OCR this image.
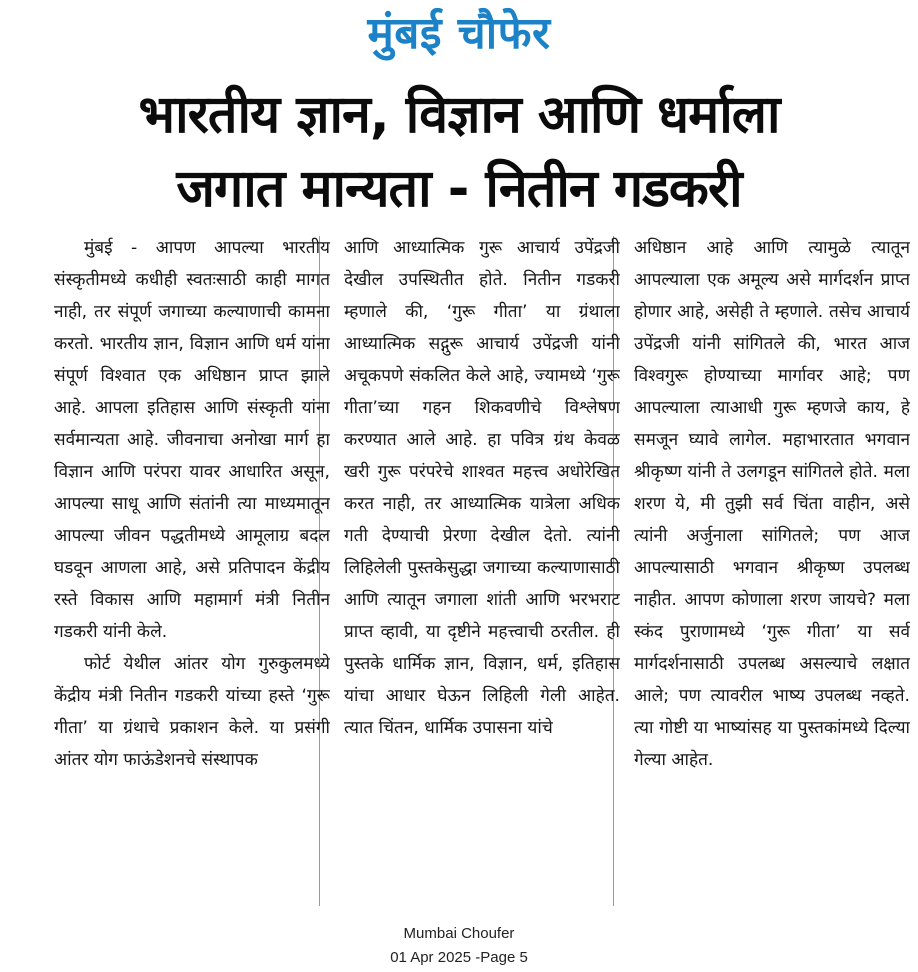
मुंबई चौफेर
भारतीय ज्ञान, विज्ञान आणि धर्माला
जगात मान्यता - नितीन गडकरी

मुंबई - आपण आपल्या भारतीय संस्कृतीमध्ये कधीही स्वतःसाठी काही मागत नाही, तर संपूर्ण जगाच्या कल्याणाची कामना करतो. भारतीय ज्ञान, विज्ञान आणि धर्म यांना संपूर्ण विश्वात एक अधिष्ठान प्राप्त झाले आहे. आपला इतिहास आणि संस्कृती यांना सर्वमान्यता आहे. जीवनाचा अनोखा मार्ग हा विज्ञान आणि परंपरा यावर आधारित असून, आपल्या साधू आणि संतांनी त्या माध्यमातून आपल्या जीवन पद्धतीमध्ये आमूलाग्र बदल घडवून आणला आहे, असे प्रतिपादन केंद्रीय रस्ते विकास आणि महामार्ग मंत्री नितीन गडकरी यांनी केले.

फोर्ट येथील आंतर योग गुरुकुलमध्ये केंद्रीय मंत्री नितीन गडकरी यांच्या हस्ते ‘गुरू गीता’ या ग्रंथाचे प्रकाशन केले. या प्रसंगी आंतर योग फाऊंडेशनचे संस्थापक

आणि आध्यात्मिक गुरू आचार्य उपेंद्रजी देखील उपस्थितीत होते. नितीन गडकरी म्हणाले की, ‘गुरू गीता’ या ग्रंथाला आध्यात्मिक सद्गुरू आचार्य उपेंद्रजी यांनी अचूकपणे संकलित केले आहे, ज्यामध्ये ‘गुरू गीता’च्या गहन शिकवणीचे विश्लेषण करण्यात आले आहे. हा पवित्र ग्रंथ केवळ खरी गुरू परंपरेचे शाश्वत महत्त्व अधोरेखित करत नाही, तर आध्यात्मिक यात्रेला अधिक गती देण्याची प्रेरणा देखील देतो. त्यांनी लिहिलेली पुस्तकेसुद्धा जगाच्या कल्याणासाठी आणि त्यातून जगाला शांती आणि भरभराट प्राप्त व्हावी, या दृष्टीने महत्त्वाची ठरतील. ही पुस्तके धार्मिक ज्ञान, विज्ञान, धर्म, इतिहास यांचा आधार घेऊन लिहिली गेली आहेत. त्यात चिंतन, धार्मिक उपासना यांचे

अधिष्ठान आहे आणि त्यामुळे त्यातून आपल्याला एक अमूल्य असे मार्गदर्शन प्राप्त होणार आहे, असेही ते म्हणाले. तसेच आचार्य उपेंद्रजी यांनी सांगितले की, भारत आज विश्वगुरू होण्याच्या मार्गावर आहे; पण आपल्याला त्याआधी गुरू म्हणजे काय, हे समजून घ्यावे लागेल. महाभारतात भगवान श्रीकृष्ण यांनी ते उलगडून सांगितले होते. मला शरण ये, मी तुझी सर्व चिंता वाहीन, असे त्यांनी अर्जुनाला सांगितले; पण आज आपल्यासाठी भगवान श्रीकृष्ण उपलब्ध नाहीत. आपण कोणाला शरण जायचे? मला स्कंद पुराणामध्ये ‘गुरू गीता’ या सर्व मार्गदर्शनासाठी उपलब्ध असल्याचे लक्षात आले; पण त्यावरील भाष्य उपलब्ध नव्हते. त्या गोष्टी या भाष्यांसह या पुस्तकांमध्ये दिल्या गेल्या आहेत.

Mumbai Choufer
01 Apr 2025 -Page 5
